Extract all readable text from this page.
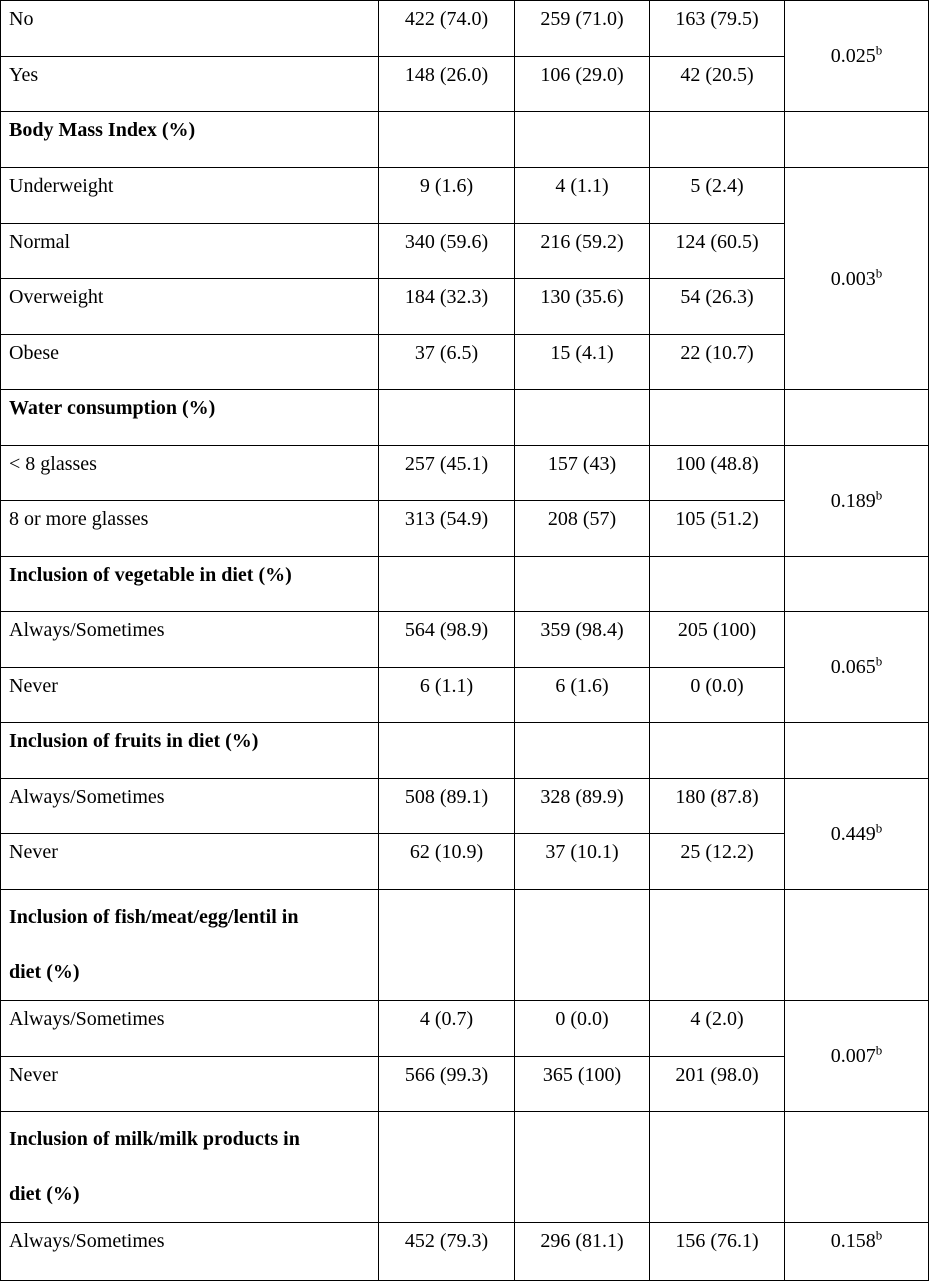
No	422 (74.0)	259 (71.0)	163 (79.5)	0.025$^b$
Yes	148 (26.0)	106 (29.0)	42 (20.5)	
Body Mass Index (%)				
Underweight	9 (1.6)	4 (1.1)	5 (2.4)	0.003$^b$
Normal	340 (59.6)	216 (59.2)	124 (60.5)	
Overweight	184 (32.3)	130 (35.6)	54 (26.3)	
Obese	37 (6.5)	15 (4.1)	22 (10.7)	
Water consumption (%)				
< 8 glasses	257 (45.1)	157 (43)	100 (48.8)	0.189$^b$
8 or more glasses	313 (54.9)	208 (57)	105 (51.2)	
Inclusion of vegetable in diet (%)				
Always/Sometimes	564 (98.9)	359 (98.4)	205 (100)	0.065$^b$
Never	6 (1.1)	6 (1.6)	0 (0.0)	
Inclusion of fruits in diet (%)				
Always/Sometimes	508 (89.1)	328 (89.9)	180 (87.8)	0.449$^b$
Never	62 (10.9)	37 (10.1)	25 (12.2)	

Inclusion of fish/meat/egg/lentil in
diet (%)				

Always/Sometimes	4 (0.7)	0 (0.0)	4 (2.0)	0.007$^b$
Never	566 (99.3)	365 (100)	201 (98.0)	

Inclusion of milk/milk products in
diet (%)				

Always/Sometimes	452 (79.3)	296 (81.1)	156 (76.1)	0.158$^b$
